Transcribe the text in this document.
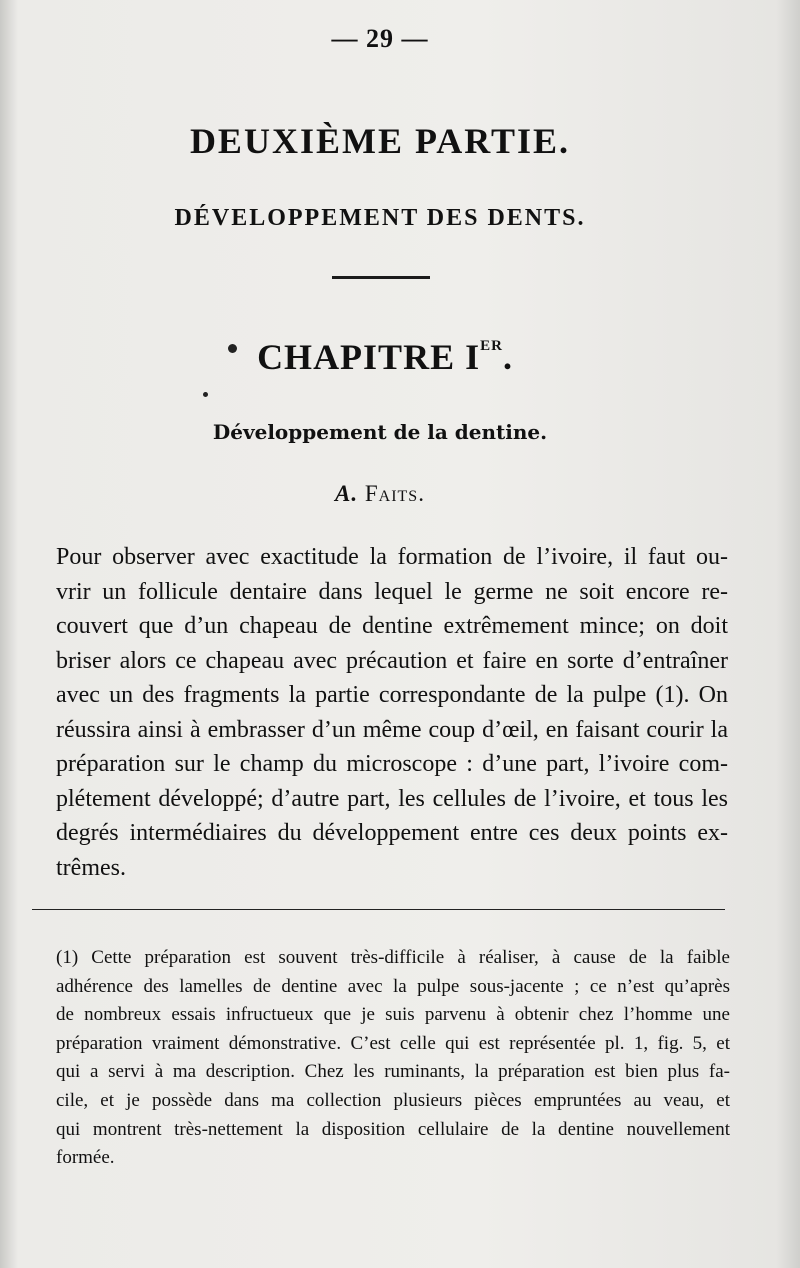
— 29 —
DEUXIÈME PARTIE.
DÉVELOPPEMENT DES DENTS.
CHAPITRE IER.
Développement de la dentine.
A. Faits.
Pour observer avec exactitude la formation de l’ivoire, il faut ou-
vrir un follicule dentaire dans lequel le germe ne soit encore re-
couvert que d’un chapeau de dentine extrêmement mince; on doit
briser alors ce chapeau avec précaution et faire en sorte d’entraîner
avec un des fragments la partie correspondante de la pulpe (1). On
réussira ainsi à embrasser d’un même coup d’œil, en faisant courir la
préparation sur le champ du microscope : d’une part, l’ivoire com-
plétement développé; d’autre part, les cellules de l’ivoire, et tous les
degrés intermédiaires du développement entre ces deux points ex-
trêmes.
(1) Cette préparation est souvent très-difficile à réaliser, à cause de la faible
adhérence des lamelles de dentine avec la pulpe sous-jacente ; ce n’est qu’après
de nombreux essais infructueux que je suis parvenu à obtenir chez l’homme une
préparation vraiment démonstrative. C’est celle qui est représentée pl. 1, fig. 5, et
qui a servi à ma description. Chez les ruminants, la préparation est bien plus fa-
cile, et je possède dans ma collection plusieurs pièces empruntées au veau, et
qui montrent très-nettement la disposition cellulaire de la dentine nouvellement
formée.
